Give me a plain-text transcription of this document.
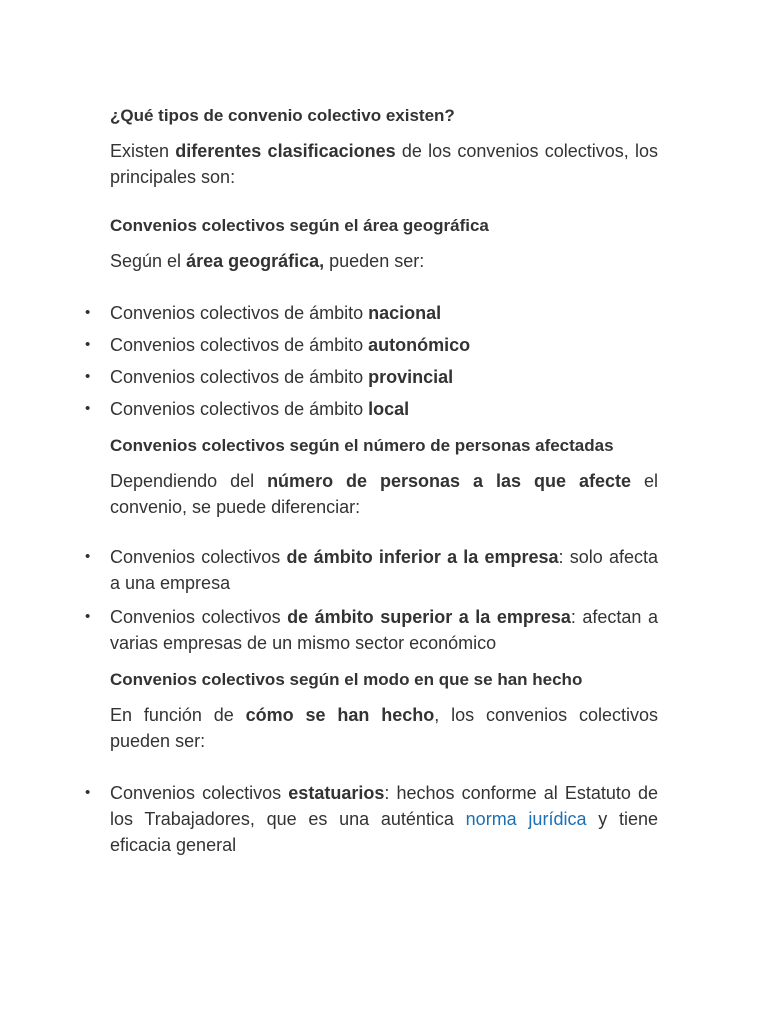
¿Qué tipos de convenio colectivo existen?

Existen diferentes clasificaciones de los convenios colectivos, los principales son:

Convenios colectivos según el área geográfica

Según el área geográfica, pueden ser:

• Convenios colectivos de ámbito nacional
• Convenios colectivos de ámbito autonómico
• Convenios colectivos de ámbito provincial
• Convenios colectivos de ámbito local

Convenios colectivos según el número de personas afectadas

Dependiendo del número de personas a las que afecte el convenio, se puede diferenciar:

• Convenios colectivos de ámbito inferior a la empresa: solo afecta a una empresa
• Convenios colectivos de ámbito superior a la empresa: afectan a varias empresas de un mismo sector económico

Convenios colectivos según el modo en que se han hecho

En función de cómo se han hecho, los convenios colectivos pueden ser:

• Convenios colectivos estatuarios: hechos conforme al Estatuto de los Trabajadores, que es una auténtica norma jurídica y tiene eficacia general
